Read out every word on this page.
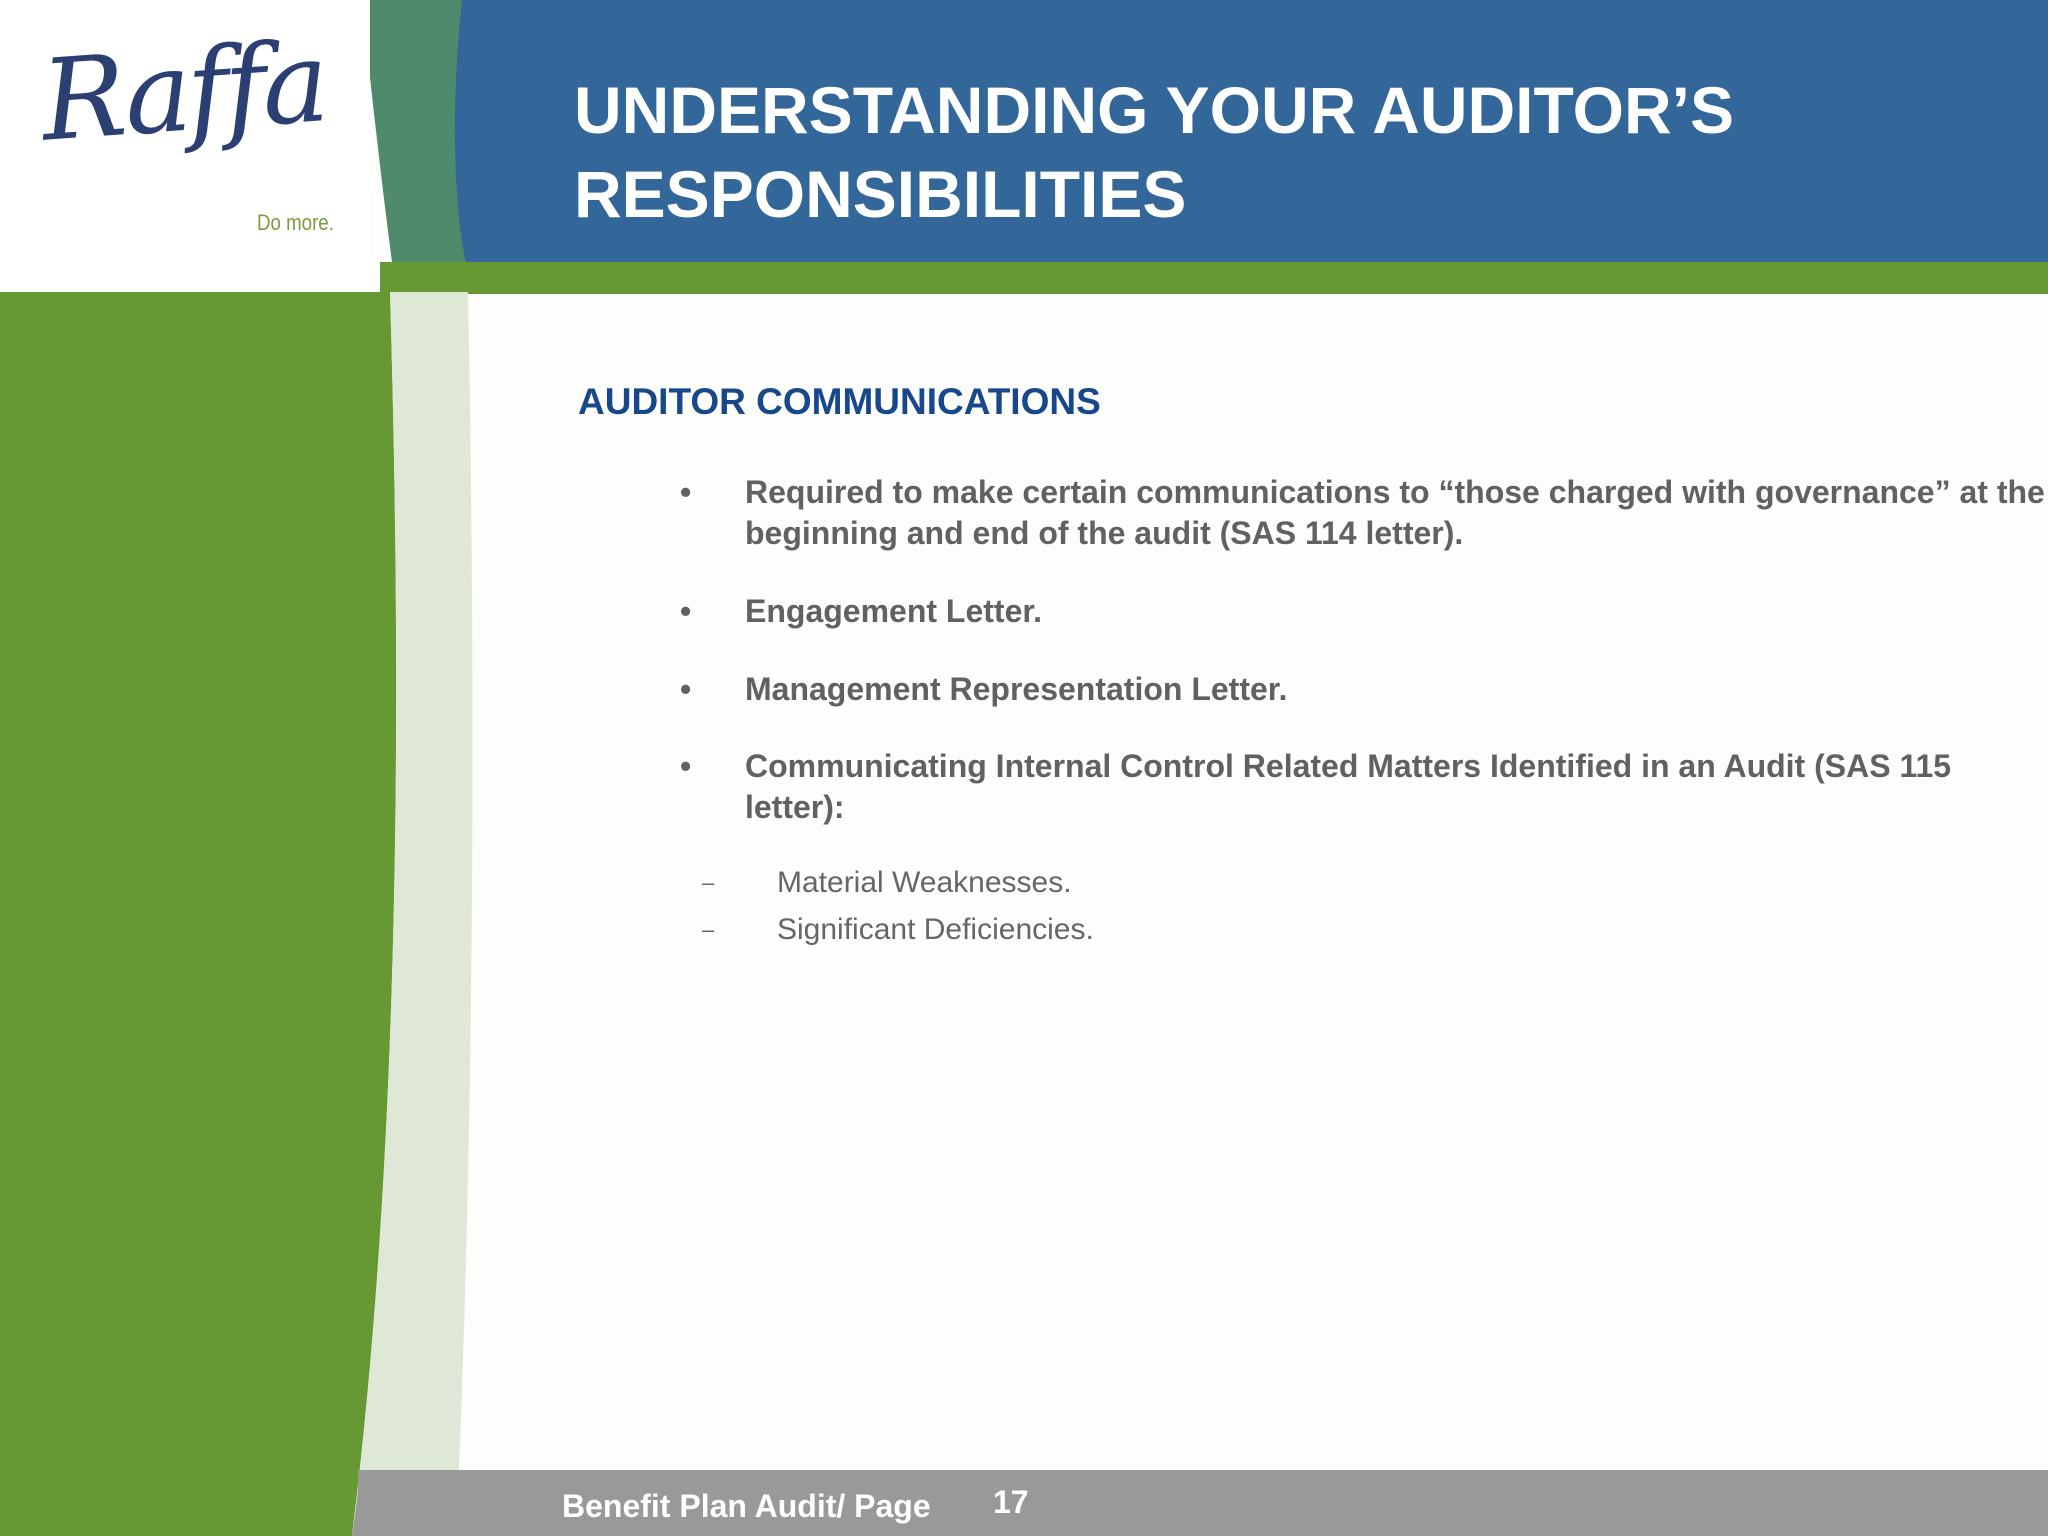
Raffa
Do more.
UNDERSTANDING YOUR AUDITOR’S RESPONSIBILITIES
AUDITOR COMMUNICATIONS
• Required to make certain communications to “those charged with governance” at the beginning and end of the audit (SAS 114 letter).
• Engagement Letter.
• Management Representation Letter.
• Communicating Internal Control Related Matters Identified in an Audit (SAS 115 letter):
– Material Weaknesses.
– Significant Deficiencies.
Benefit Plan Audit/ Page 17
